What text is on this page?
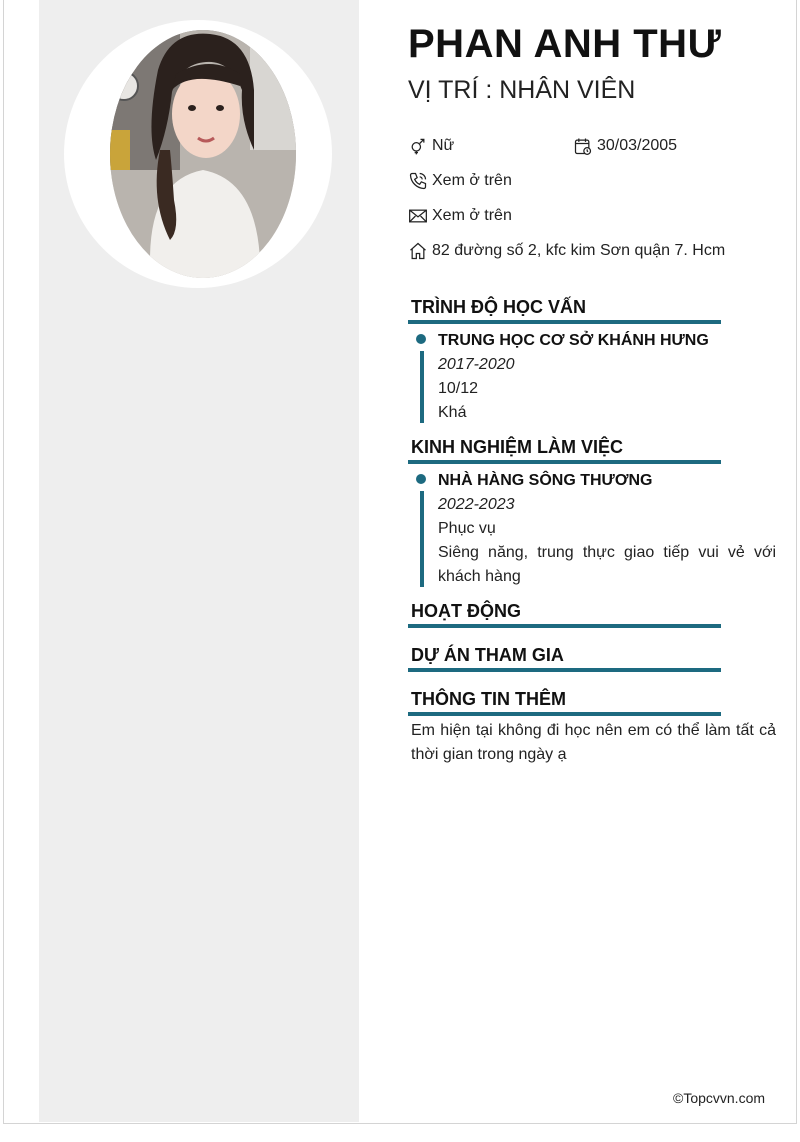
PHAN ANH THƯ
VỊ TRÍ : NHÂN VIÊN
Nữ	30/03/2005
Xem ở trên
Xem ở trên
82 đường số 2, kfc kim Sơn quận 7. Hcm
TRÌNH ĐỘ HỌC VẤN
TRUNG HỌC CƠ SỞ KHÁNH HƯNG
2017-2020
10/12
Khá
KINH NGHIỆM LÀM VIỆC
NHÀ HÀNG SÔNG THƯƠNG
2022-2023
Phục vụ
Siêng năng, trung thực giao tiếp vui vẻ với khách hàng
HOẠT ĐỘNG
DỰ ÁN THAM GIA
THÔNG TIN THÊM
Em hiện tại không đi học nên em có thể làm tất cả thời gian trong ngày ạ
©Topcvvn.com
